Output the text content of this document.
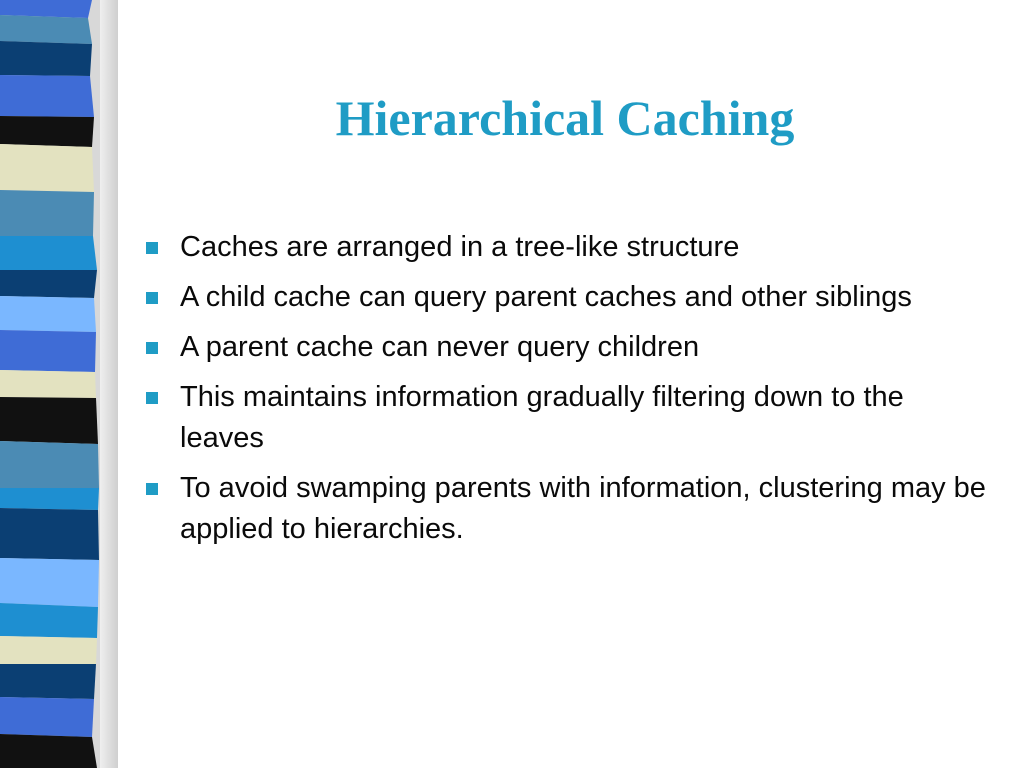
Hierarchical Caching
Caches are arranged in a tree-like structure
A child cache can query parent caches and other siblings
A parent cache can never query children
This maintains information gradually filtering down to the leaves
To avoid swamping parents with information, clustering may be applied to hierarchies.
